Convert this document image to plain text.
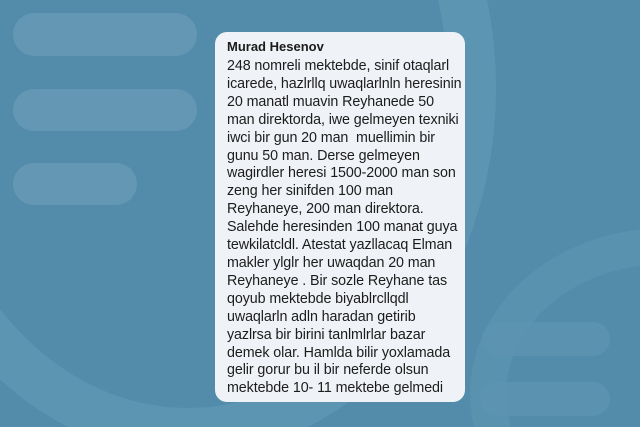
Murad Hesenov
248 nomreli mektebde, sinif otaqlarl
icarede, hazlrllq uwaqlarlnln heresinin
20 manatl muavin Reyhanede 50
man direktorda, iwe gelmeyen texniki
iwci bir gun 20 man  muellimin bir
gunu 50 man. Derse gelmeyen
wagirdler heresi 1500-2000 man son
zeng her sinifden 100 man
Reyhaneye, 200 man direktora.
Salehde heresinden 100 manat guya
tewkilatcldl. Atestat yazllacaq Elman
makler ylglr her uwaqdan 20 man
Reyhaneye . Bir sozle Reyhane tas
qoyub mektebde biyablrcllqdl
uwaqlarln adln haradan getirib
yazlrsa bir birini tanlmlrlar bazar
demek olar. Hamlda bilir yoxlamada
gelir gorur bu il bir neferde olsun
mektebde 10- 11 mektebe gelmedi
